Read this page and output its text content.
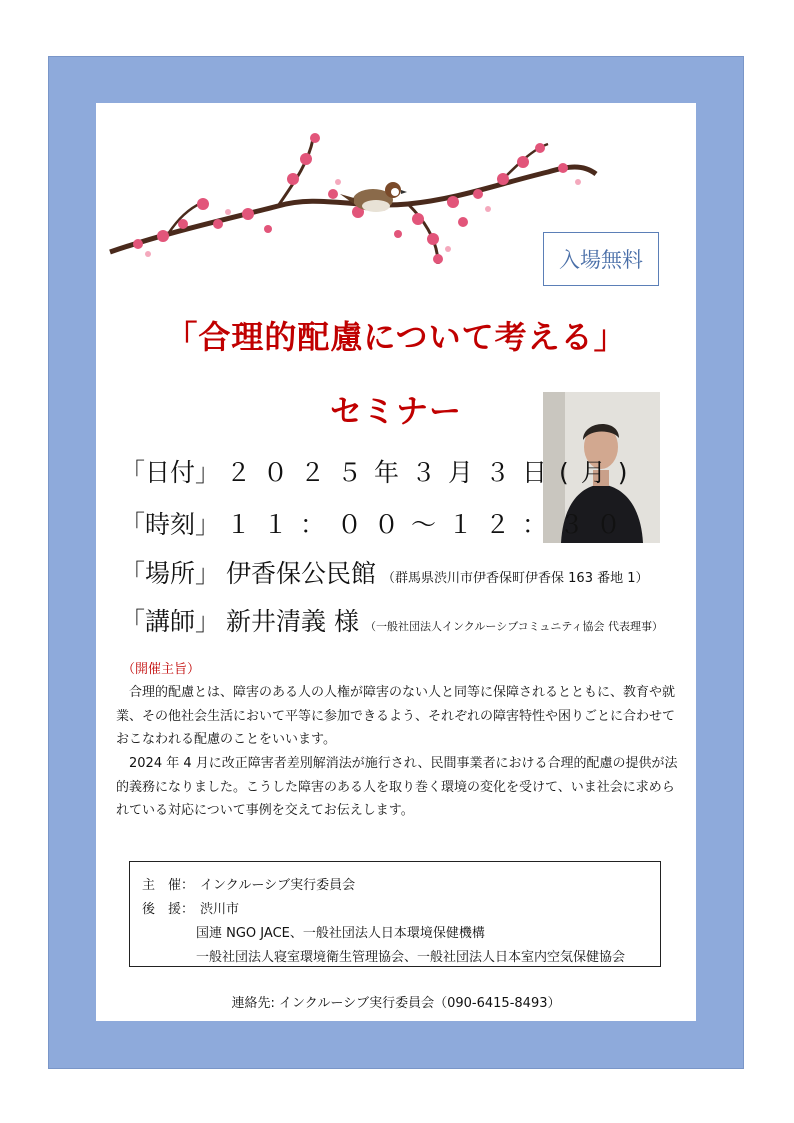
入場無料
「合理的配慮について考える」
セミナー
「日付」 ２０２５年３月３日(月)
「時刻」 １１：００～１２：３０
「場所」 伊香保公民館 （群馬県渋川市伊香保町伊香保 163 番地 1）
「講師」 新井清義 様 （一般社団法人インクルーシブコミュニティ協会 代表理事）
（開催主旨）
合理的配慮とは、障害のある人の人権が障害のない人と同等に保障されるとともに、教育や就業、その他社会生活において平等に参加できるよう、それぞれの障害特性や困りごとに合わせておこなわれる配慮のことをいいます。
2024 年 4 月に改正障害者差別解消法が施行され、民間事業者における合理的配慮の提供が法的義務になりました。こうした障害のある人を取り巻く環境の変化を受けて、いま社会に求められている対応について事例を交えてお伝えします。
主　催： インクルーシブ実行委員会
後　援： 渋川市
国連 NGO JACE、一般社団法人日本環境保健機構
一般社団法人寝室環境衛生管理協会、一般社団法人日本室内空気保健協会
連絡先: インクルーシブ実行委員会（090-6415-8493）
